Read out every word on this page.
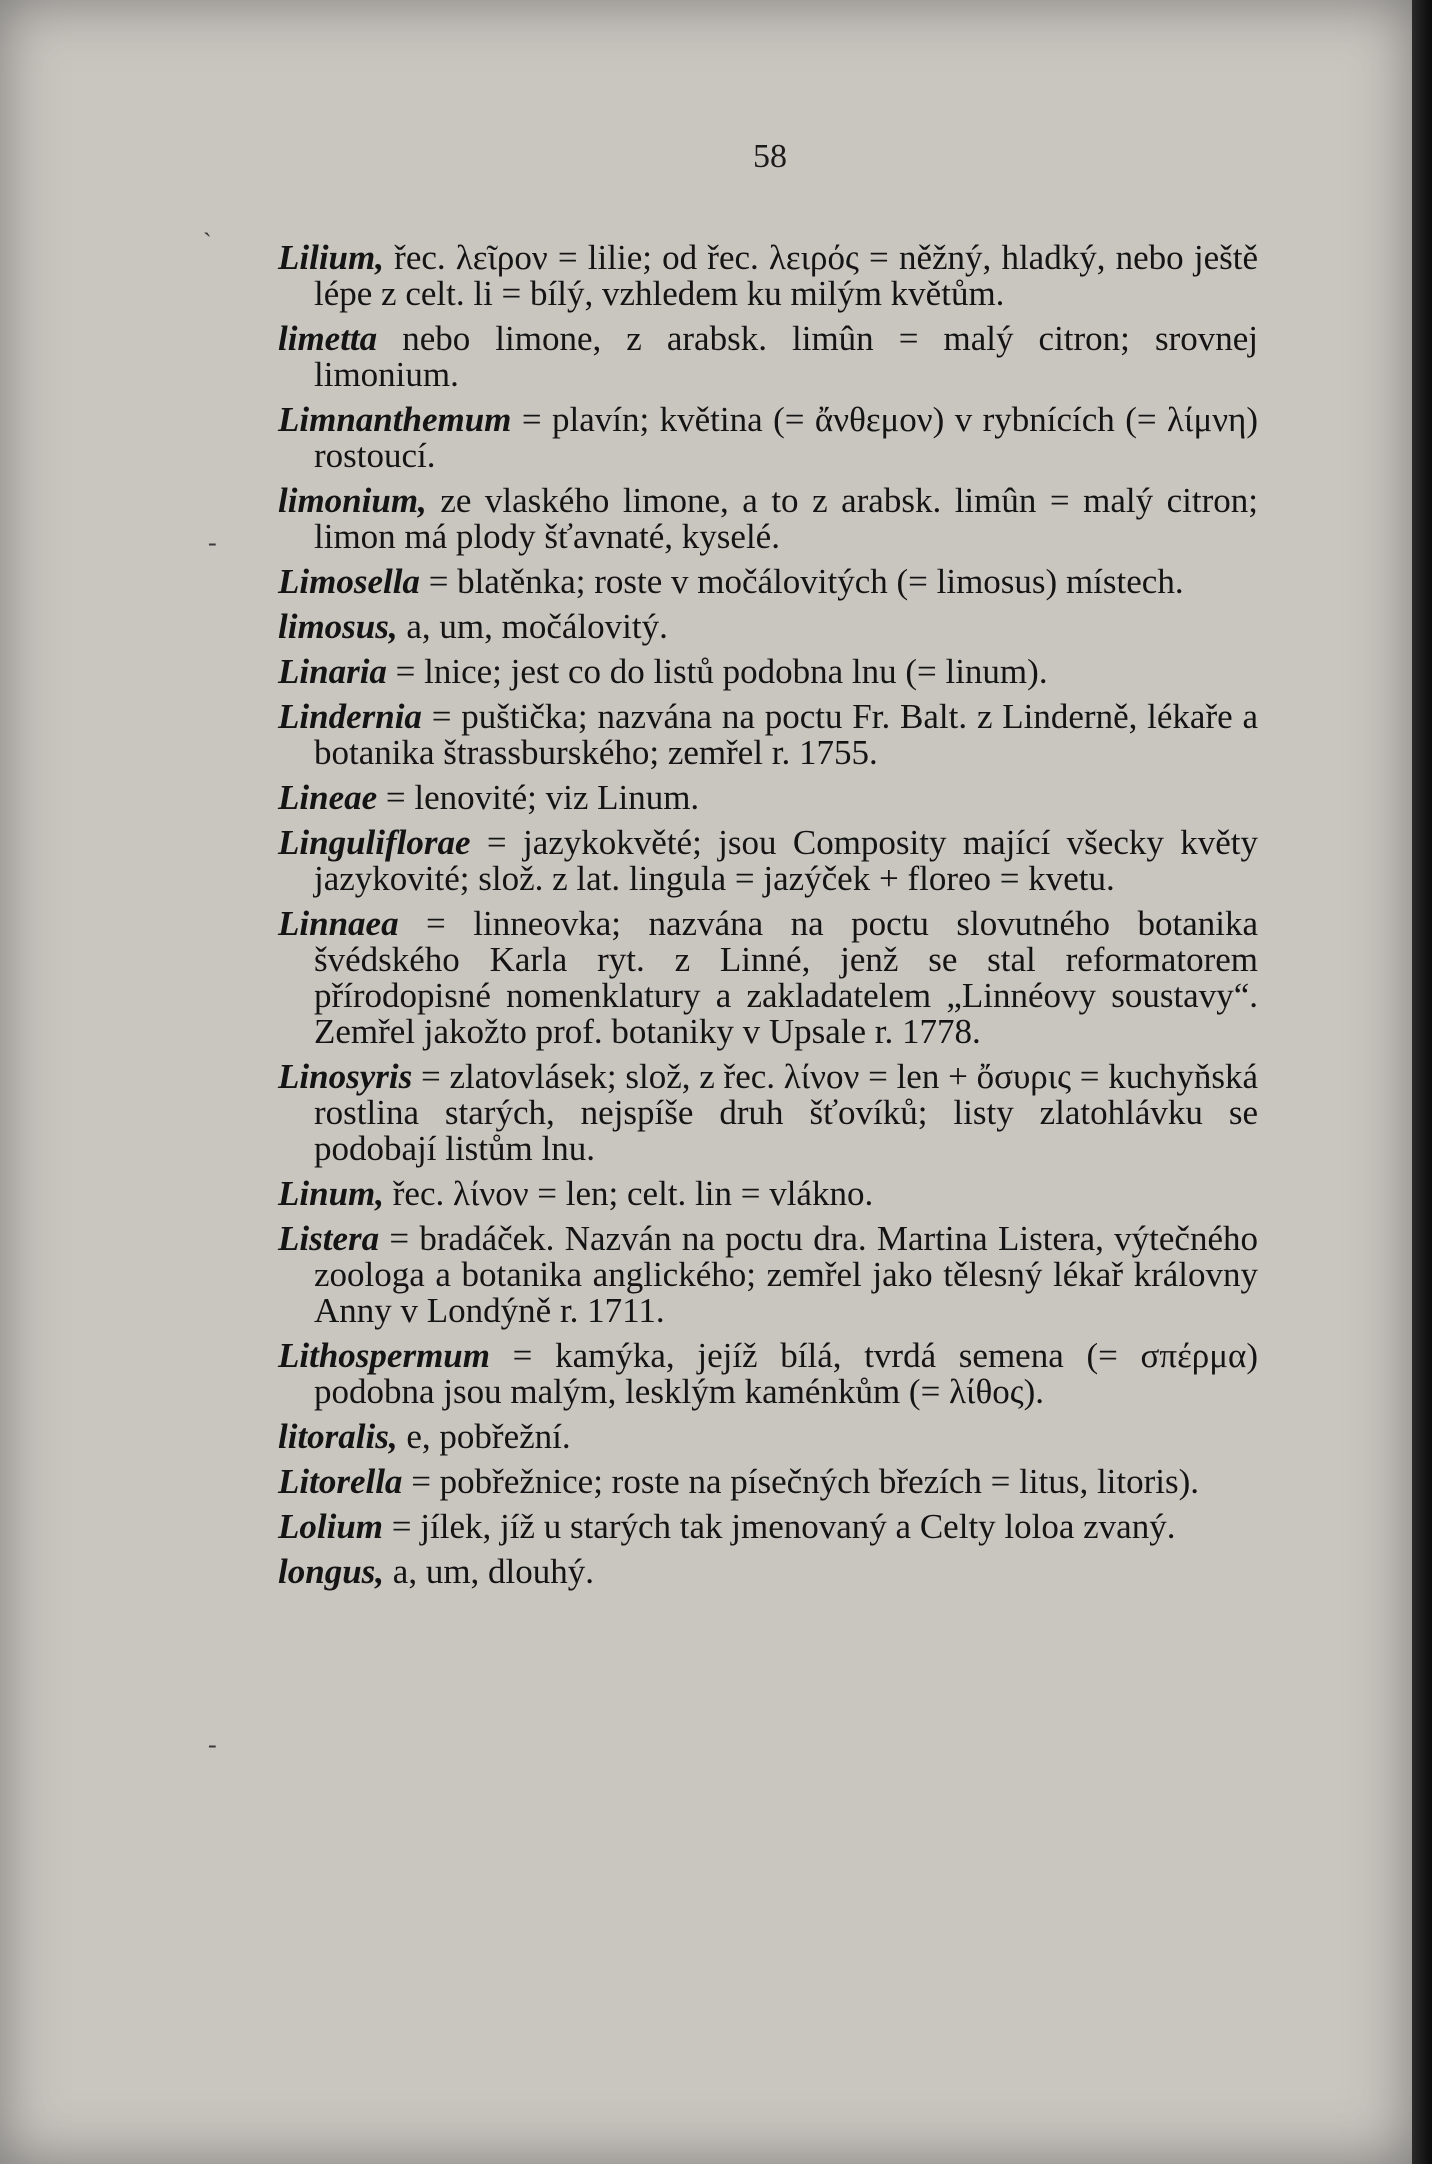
58
Lilium, řec. λεῖρον = lilie; od řec. λειρός = něžný, hladký, nebo ještě lépe z celt. li = bílý, vzhledem ku milým květům.
limetta nebo limone, z arabsk. limûn = malý citron; srovnej limonium.
Limnanthemum = plavín; květina (= ἄνθεμον) v rybnících (= λίμνη) rostoucí.
limonium, ze vlaského limone, a to z arabsk. limûn = malý citron; limon má plody šťavnaté, kyselé.
Limosella = blatěnka; roste v močálovitých (= limosus) místech.
limosus, a, um, močálovitý.
Linaria = lnice; jest co do listů podobna lnu (= linum).
Lindernia = puštička; nazvána na poctu Fr. Balt. z Linderně, lékaře a botanika štrassburského; zemřel r. 1755.
Lineae = lenovité; viz Linum.
Linguliflorae = jazykokvěté; jsou Composity mající všecky květy jazykovité; slož. z lat. lingula = jazýček + floreo = kvetu.
Linnaea = linneovka; nazvána na poctu slovutného botanika švédského Karla ryt. z Linné, jenž se stal reformatorem přírodopisné nomenklatury a zakladatelem „Linnéovy soustavy“. Zemřel jakožto prof. botaniky v Upsale r. 1778.
Linosyris = zlatovlásek; slož, z řec. λίνον = len + ὄσυρις = kuchyňská rostlina starých, nejspíše druh šťovíků; listy zlatohlávku se podobají listům lnu.
Linum, řec. λίνον = len; celt. lin = vlákno.
Listera = bradáček. Nazván na poctu dra. Martina Listera, výtečného zoologa a botanika anglického; zemřel jako tělesný lékař královny Anny v Londýně r. 1711.
Lithospermum = kamýka, jejíž bílá, tvrdá semena (= σπέρμα) podobna jsou malým, lesklým kaménkům (= λίθος).
litoralis, e, pobřežní.
Litorella = pobřežnice; roste na písečných březích = litus, litoris).
Lolium = jílek, jíž u starých tak jmenovaný a Celty loloa zvaný.
longus, a, um, dlouhý.
`
-
-
